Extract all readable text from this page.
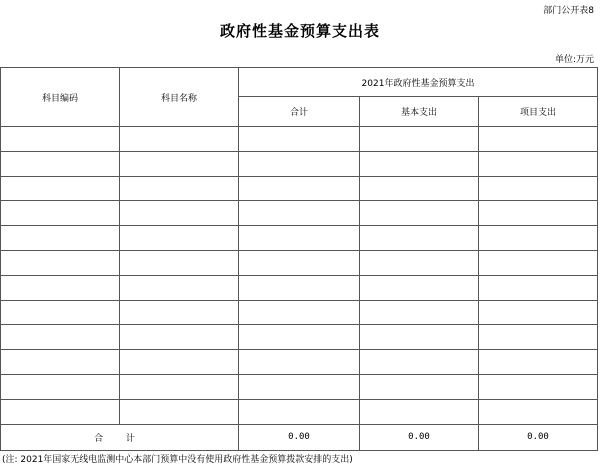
部门公开表8
政府性基金预算支出表
单位:万元
科目编码	科目名称	2021年政府性基金预算支出		
		合计	基本支出	项目支出

合 计		0.00	0.00	0.00
(注: 2021年国家无线电监测中心本部门预算中没有使用政府性基金预算拨款安排的支出)
